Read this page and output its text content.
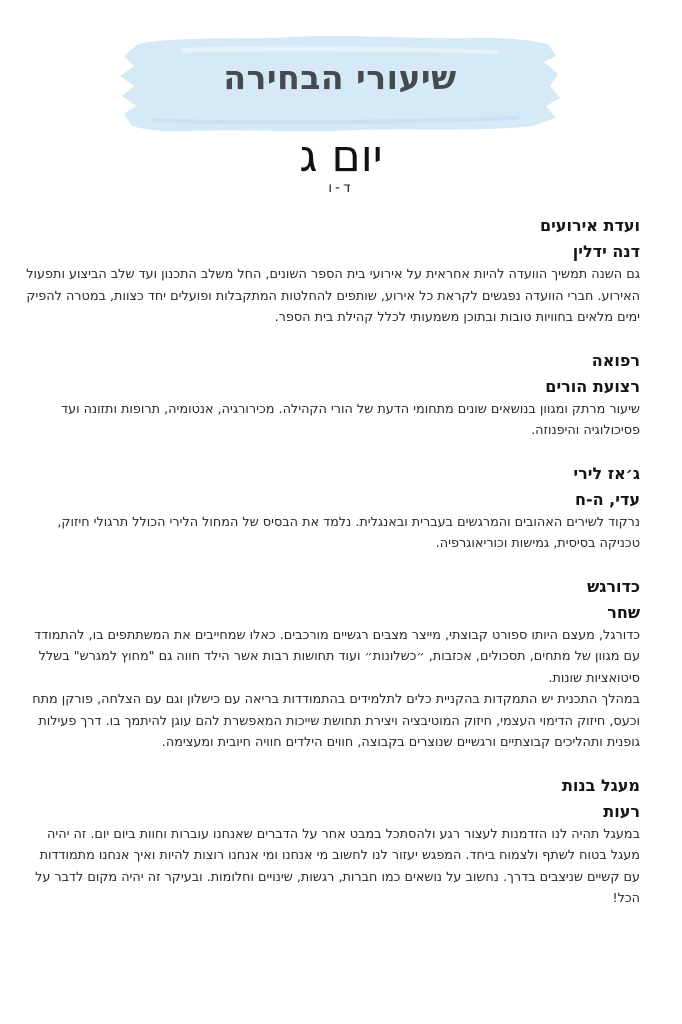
שיעורי הבחירה
יום ג
ד-ו

ועדת אירועים

דנה ידלין

גם השנה תמשיך הוועדה להיות אחראית על אירועי בית הספר השונים, החל משלב התכנון ועד שלב הביצוע ותפעול האירוע. חברי הוועדה נפגשים לקראת כל אירוע, שותפים להחלטות המתקבלות ופועלים יחד כצוות, במטרה להפיק ימים מלאים בחוויות טובות ובתוכן משמעותי לכלל קהילת בית הספר.

רפואה

רצועת הורים

שיעור מרתק ומגוון בנושאים שונים מתחומי הדעת של הורי הקהילה. מכירורגיה, אנטומיה, תרופות ותזונה ועד פסיכולוגיה והיפנוזה.

ג׳אז לירי

עדי, ה-ח

נרקוד לשירים האהובים והמרגשים בעברית ובאנגלית. נלמד את הבסיס של המחול הלירי הכולל תרגולי חיזוק, טכניקה בסיסית, גמישות וכוריאוגרפיה.

כדורגש

שחר

כדורגל, מעצם היותו ספורט קבוצתי, מייצר מצבים רגשיים מורכבים. כאלו שמחייבים את המשתתפים בו, להתמודד עם מגוון של מתחים, תסכולים, אכזבות, ״כשלונות״ ועוד תחושות רבות אשר הילד חווה גם "מחוץ למגרש" בשלל סיטואציות שונות.

במהלך התכנית יש התמקדות בהקניית כלים לתלמידים בהתמודדות בריאה עם כישלון וגם עם הצלחה, פורקן מתח וכעס, חיזוק הדימוי העצמי, חיזוק המוטיבציה ויצירת תחושת שייכות המאפשרת להם עוגן להיתמך בו. דרך פעילות גופנית ותהליכים קבוצתיים ורגשיים שנוצרים בקבוצה, חווים הילדים חוויה חיובית ומעצימה.

מעגל בנות

רעות

במעגל תהיה לנו הזדמנות לעצור רגע ולהסתכל במבט אחר על הדברים שאנחנו עוברות וחוות ביום יום. זה יהיה מעגל בטוח לשתף ולצמוח ביחד. המפגש יעזור לנו לחשוב מי אנחנו ומי אנחנו רוצות להיות ואיך אנחנו מתמודדות עם קשיים שניצבים בדרך. נחשוב על נושאים כמו חברות, רגשות, שינויים וחלומות. ובעיקר זה יהיה מקום לדבר על הכל!
